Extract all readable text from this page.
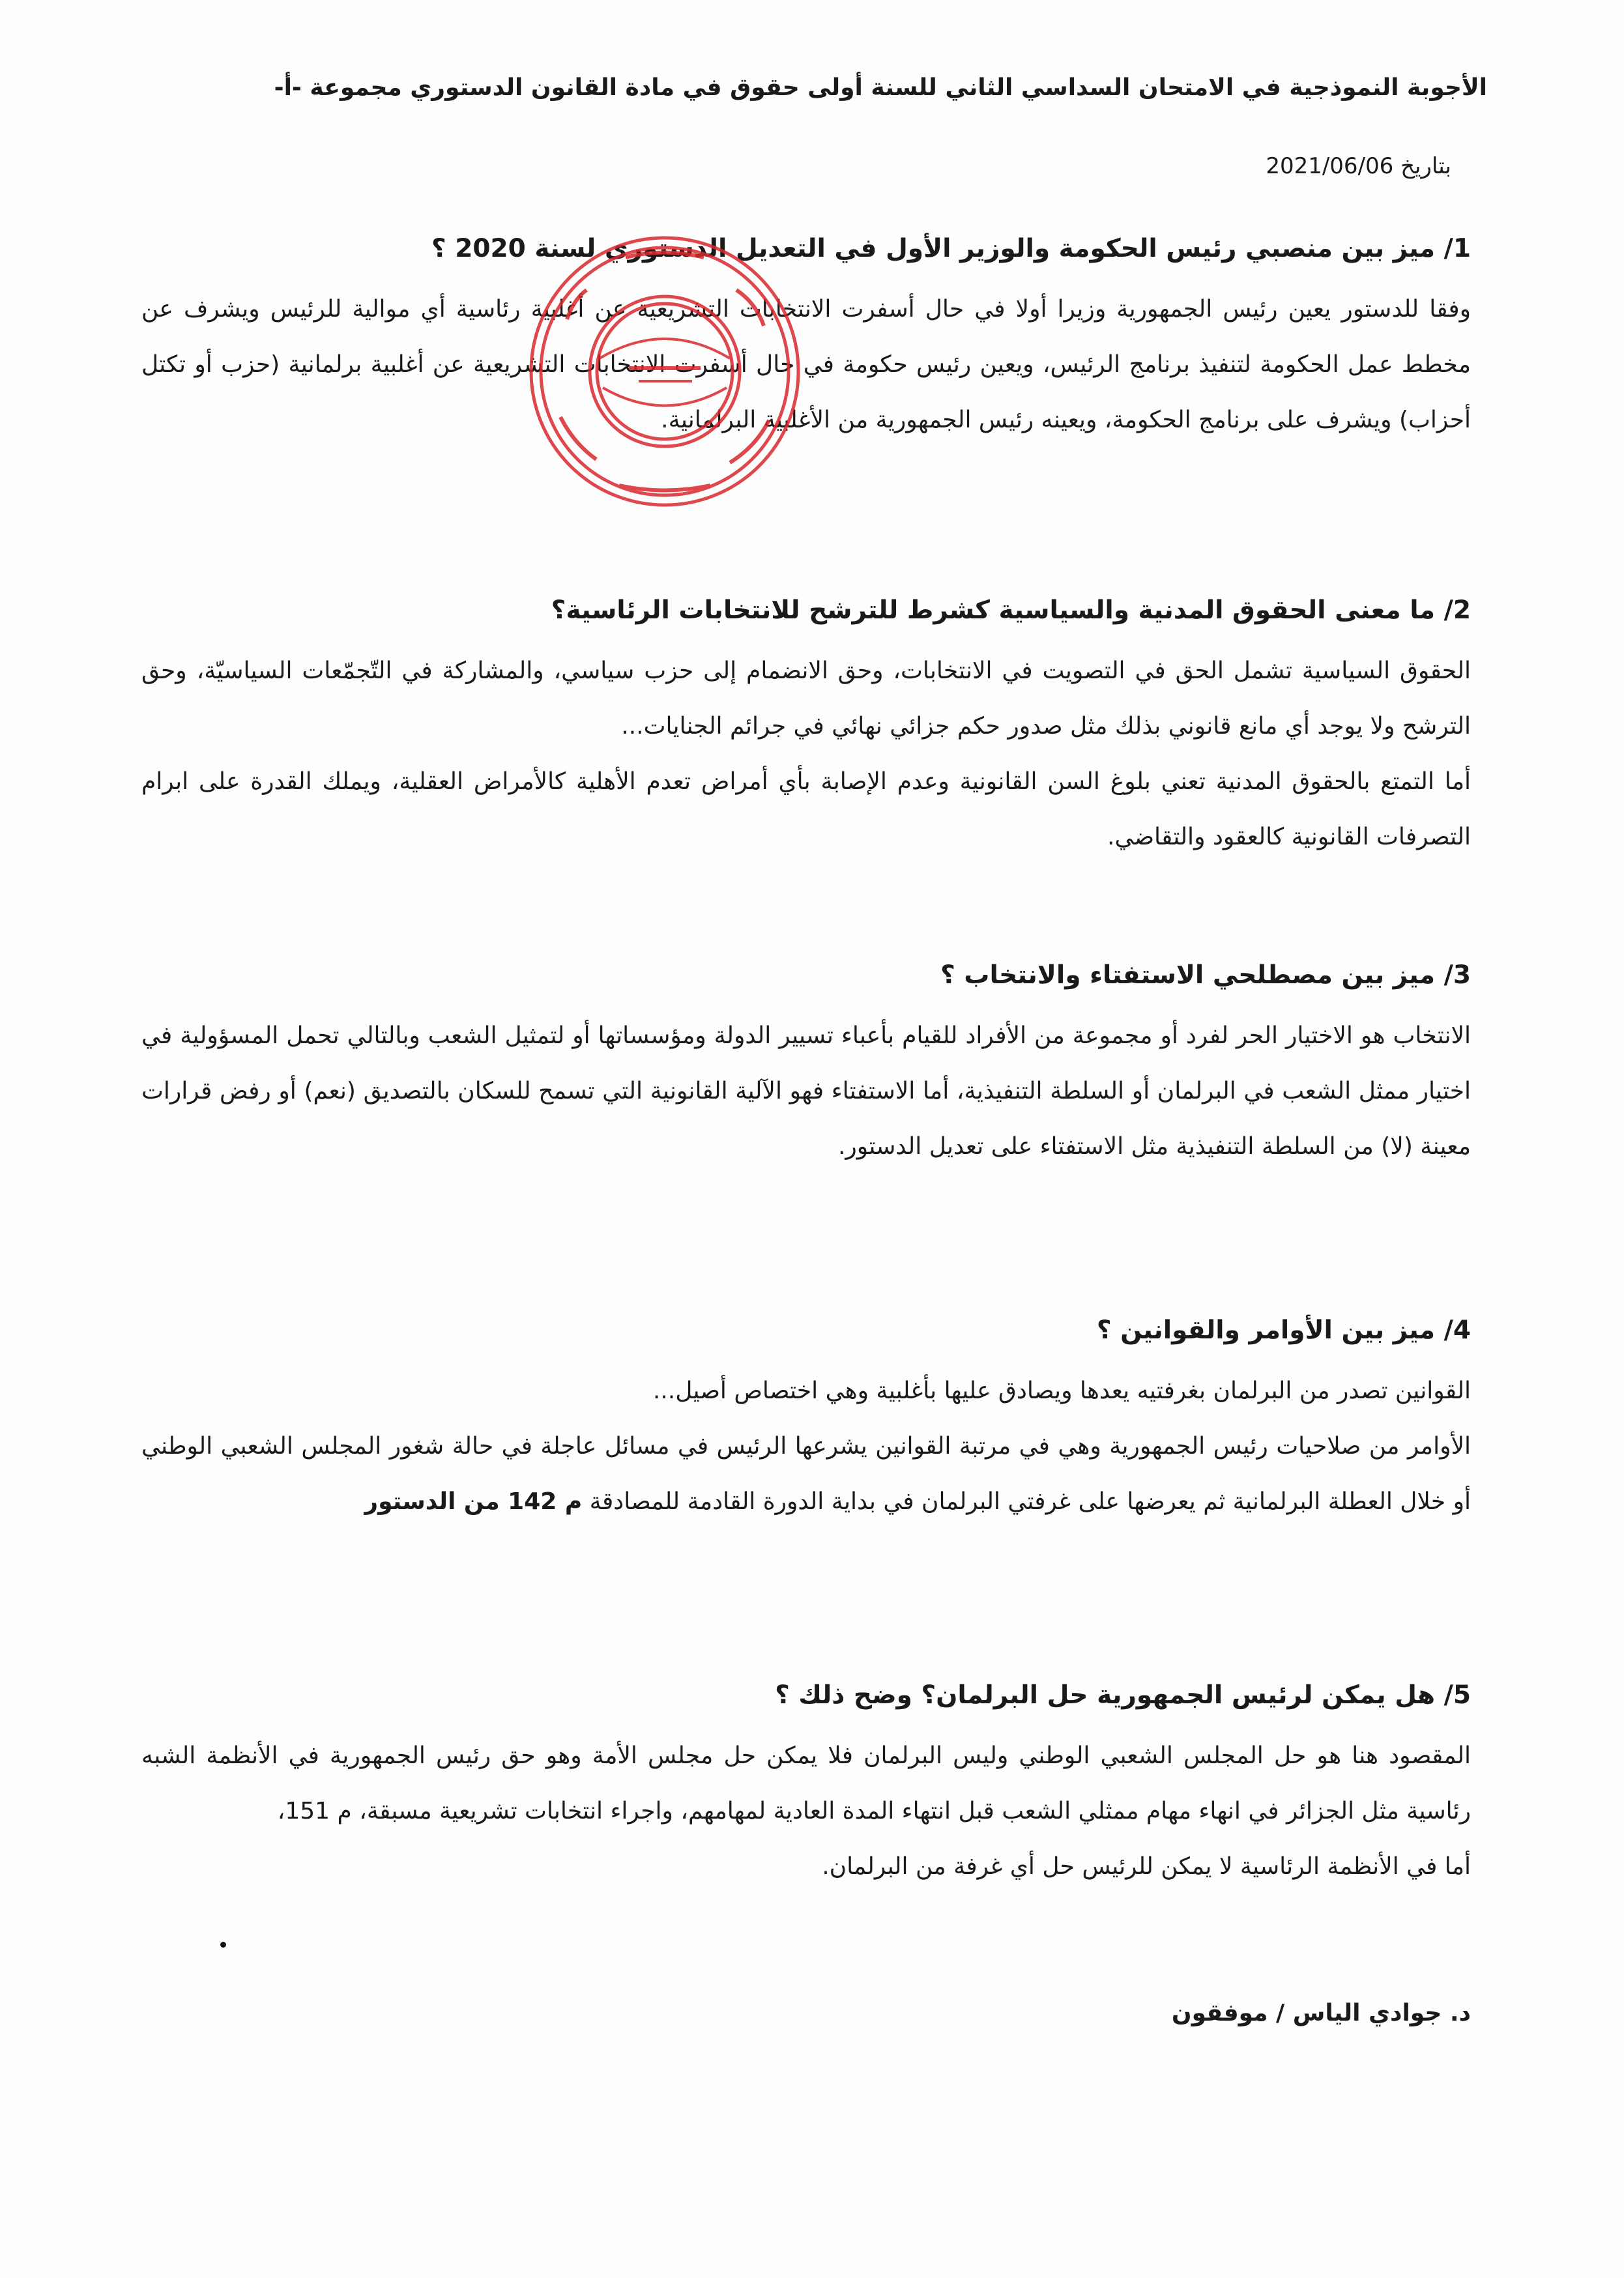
الأجوبة النموذجية في الامتحان السداسي الثاني للسنة أولى حقوق في مادة القانون الدستوري مجموعة -أ-
بتاريخ 2021/06/06
1/ ميز بين منصبي رئيس الحكومة والوزير الأول في التعديل الدستوري لسنة 2020 ؟

وفقا للدستور يعين رئيس الجمهورية وزيرا أولا في حال أسفرت الانتخابات التشريعية عن أغلبية رئاسية أي موالية للرئيس ويشرف عن مخطط عمل الحكومة لتنفيذ برنامج الرئيس، ويعين رئيس حكومة في حال أسفرت الانتخابات التشريعية عن أغلبية برلمانية (حزب أو تكتل أحزاب) ويشرف على برنامج الحكومة، ويعينه رئيس الجمهورية من الأغلبية البرلمانية.

2/ ما معنى الحقوق المدنية والسياسية كشرط للترشح للانتخابات الرئاسية؟

الحقوق السياسية تشمل الحق في التصويت في الانتخابات، وحق الانضمام إلى حزب سياسي، والمشاركة في التّجمّعات السياسيّة، وحق الترشح ولا يوجد أي مانع قانوني بذلك مثل صدور حكم جزائي نهائي في جرائم الجنايات...

أما التمتع بالحقوق المدنية تعني بلوغ السن القانونية وعدم الإصابة بأي أمراض تعدم الأهلية كالأمراض العقلية، ويملك القدرة على ابرام التصرفات القانونية كالعقود والتقاضي.

3/ ميز بين مصطلحي الاستفتاء والانتخاب ؟

الانتخاب هو الاختيار الحر لفرد أو مجموعة من الأفراد للقيام بأعباء تسيير الدولة ومؤسساتها أو لتمثيل الشعب وبالتالي تحمل المسؤولية في اختيار ممثل الشعب في البرلمان أو السلطة التنفيذية، أما الاستفتاء فهو الآلية القانونية التي تسمح للسكان بالتصديق (نعم) أو رفض قرارات معينة (لا) من السلطة التنفيذية مثل الاستفتاء على تعديل الدستور.

4/ ميز بين الأوامر والقوانين ؟

القوانين تصدر من البرلمان بغرفتيه يعدها ويصادق عليها بأغلبية وهي اختصاص أصيل...

الأوامر من صلاحيات رئيس الجمهورية وهي في مرتبة القوانين يشرعها الرئيس في مسائل عاجلة في حالة شغور المجلس الشعبي الوطني أو خلال العطلة البرلمانية ثم يعرضها على غرفتي البرلمان في بداية الدورة القادمة للمصادقة م 142 من الدستور

5/ هل يمكن لرئيس الجمهورية حل البرلمان؟ وضح ذلك ؟

المقصود هنا هو حل المجلس الشعبي الوطني وليس البرلمان فلا يمكن حل مجلس الأمة وهو حق رئيس الجمهورية في الأنظمة الشبه رئاسية مثل الجزائر في انهاء مهام ممثلي الشعب قبل انتهاء المدة العادية لمهامهم، واجراء انتخابات تشريعية مسبقة، م 151،

أما في الأنظمة الرئاسية لا يمكن للرئيس حل أي غرفة من البرلمان.

د. جوادي الياس / موفقون
